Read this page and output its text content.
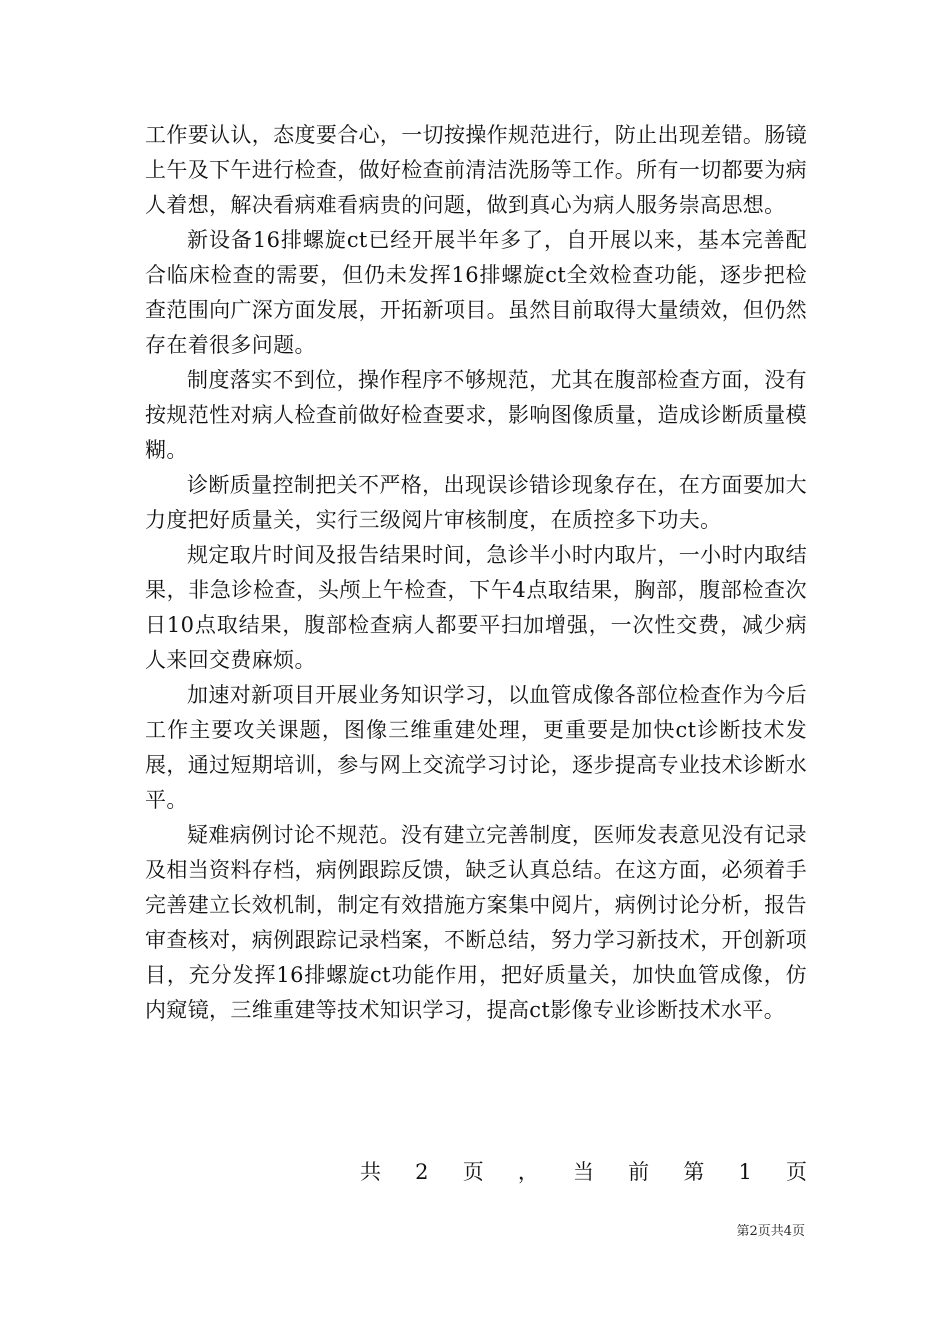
工作要认认，态度要合心，一切按操作规范进行，防止出现差错。肠镜上午及下午进行检查，做好检查前清洁洗肠等工作。所有一切都要为病人着想，解决看病难看病贵的问题，做到真心为病人服务崇高思想。

新设备16排螺旋ct已经开展半年多了，自开展以来，基本完善配合临床检查的需要，但仍未发挥16排螺旋ct全效检查功能，逐步把检查范围向广深方面发展，开拓新项目。虽然目前取得大量绩效，但仍然存在着很多问题。

制度落实不到位，操作程序不够规范，尤其在腹部检查方面，没有按规范性对病人检查前做好检查要求，影响图像质量，造成诊断质量模糊。

诊断质量控制把关不严格，出现误诊错诊现象存在，在方面要加大力度把好质量关，实行三级阅片审核制度，在质控多下功夫。

规定取片时间及报告结果时间，急诊半小时内取片，一小时内取结果，非急诊检查，头颅上午检查，下午4点取结果，胸部，腹部检查次日10点取结果，腹部检查病人都要平扫加增强，一次性交费，减少病人来回交费麻烦。

加速对新项目开展业务知识学习，以血管成像各部位检查作为今后工作主要攻关课题，图像三维重建处理，更重要是加快ct诊断技术发展，通过短期培训，参与网上交流学习讨论，逐步提高专业技术诊断水平。

疑难病例讨论不规范。没有建立完善制度，医师发表意见没有记录及相当资料存档，病例跟踪反馈，缺乏认真总结。在这方面，必须着手完善建立长效机制，制定有效措施方案集中阅片，病例讨论分析，报告审查核对，病例跟踪记录档案，不断总结，努力学习新技术，开创新项目，充分发挥16排螺旋ct功能作用，把好质量关，加快血管成像，仿内窥镜，三维重建等技术知识学习，提高ct影像专业诊断技术水平。

共 2 页 ， 当 前 第 1 页
第2页共4页
